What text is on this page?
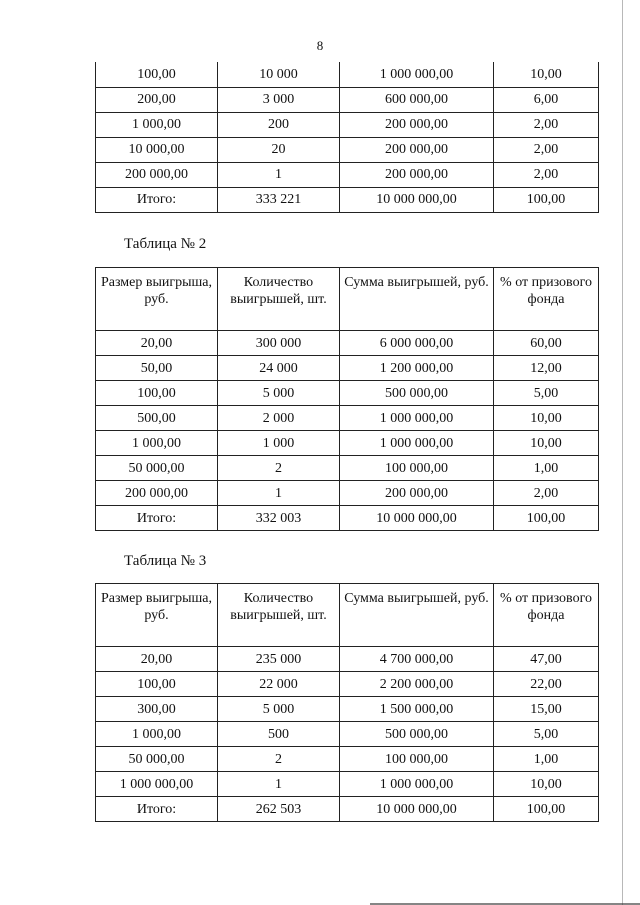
8
100,00	10 000	1 000 000,00	10,00
200,00	3 000	600 000,00	6,00
1 000,00	200	200 000,00	2,00
10 000,00	20	200 000,00	2,00
200 000,00	1	200 000,00	2,00
Итого:	333 221	10 000 000,00	100,00
Таблица № 2
Размер выигрыша, руб.	Количество выигрышей, шт.	Сумма выигрышей, руб.	% от призового фонда
20,00	300 000	6 000 000,00	60,00
50,00	24 000	1 200 000,00	12,00
100,00	5 000	500 000,00	5,00
500,00	2 000	1 000 000,00	10,00
1 000,00	1 000	1 000 000,00	10,00
50 000,00	2	100 000,00	1,00
200 000,00	1	200 000,00	2,00
Итого:	332 003	10 000 000,00	100,00
Таблица № 3
Размер выигрыша, руб.	Количество выигрышей, шт.	Сумма выигрышей, руб.	% от призового фонда
20,00	235 000	4 700 000,00	47,00
100,00	22 000	2 200 000,00	22,00
300,00	5 000	1 500 000,00	15,00
1 000,00	500	500 000,00	5,00
50 000,00	2	100 000,00	1,00
1 000 000,00	1	1 000 000,00	10,00
Итого:	262 503	10 000 000,00	100,00
